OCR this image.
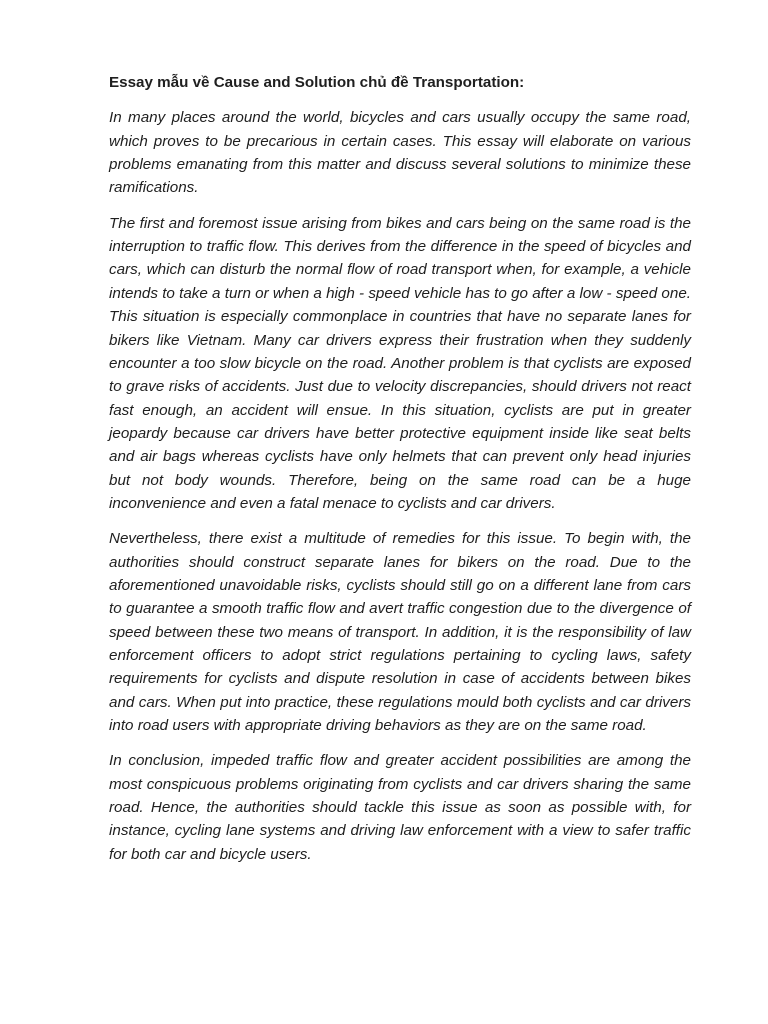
Essay mẫu về Cause and Solution chủ đề Transportation:

In many places around the world, bicycles and cars usually occupy the same road, which proves to be precarious in certain cases. This essay will elaborate on various problems emanating from this matter and discuss several solutions to minimize these ramifications.

The first and foremost issue arising from bikes and cars being on the same road is the interruption to traffic flow. This derives from the difference in the speed of bicycles and cars, which can disturb the normal flow of road transport when, for example, a vehicle intends to take a turn or when a high - speed vehicle has to go after a low - speed one. This situation is especially commonplace in countries that have no separate lanes for bikers like Vietnam. Many car drivers express their frustration when they suddenly encounter a too slow bicycle on the road. Another problem is that cyclists are exposed to grave risks of accidents. Just due to velocity discrepancies, should drivers not react fast enough, an accident will ensue. In this situation, cyclists are put in greater jeopardy because car drivers have better protective equipment inside like seat belts and air bags whereas cyclists have only helmets that can prevent only head injuries but not body wounds. Therefore, being on the same road can be a huge inconvenience and even a fatal menace to cyclists and car drivers.

Nevertheless, there exist a multitude of remedies for this issue. To begin with, the authorities should construct separate lanes for bikers on the road. Due to the aforementioned unavoidable risks, cyclists should still go on a different lane from cars to guarantee a smooth traffic flow and avert traffic congestion due to the divergence of speed between these two means of transport. In addition, it is the responsibility of law enforcement officers to adopt strict regulations pertaining to cycling laws, safety requirements for cyclists and dispute resolution in case of accidents between bikes and cars. When put into practice, these regulations mould both cyclists and car drivers into road users with appropriate driving behaviors as they are on the same road.

In conclusion, impeded traffic flow and greater accident possibilities are among the most conspicuous problems originating from cyclists and car drivers sharing the same road. Hence, the authorities should tackle this issue as soon as possible with, for instance, cycling lane systems and driving law enforcement with a view to safer traffic for both car and bicycle users.
